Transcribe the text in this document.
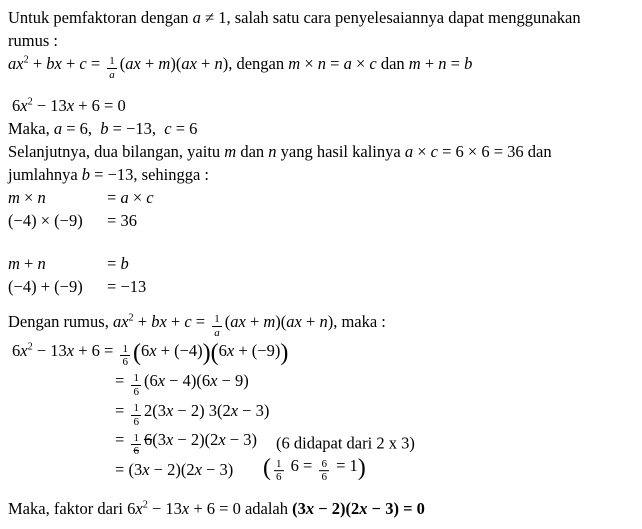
Untuk pemfaktoran dengan a ≠ 1, salah satu cara penyelesaiannya dapat menggunakan
rumus :
$ax^2$ + bx + $c = \frac{1}{a} (ax + m)(ax + n)$, dengan m × n = a × c dan m + n = b
$6x^2 - 13x + 6 = 0$
Maka, a = 6, b = −13, c = 6
Selanjutnya, dua bilangan, yaitu m dan n yang hasil kalinya a × c = 6 × 6 = 36 dan
jumlahnya b = −13, sehingga :
m × n	= a × c
(−4) × (−9) = 36
m + n	= b
(−4) + (−9) = −13
Dengan rumus, $ax^2$ + bx + $c = \frac{1}{a} (ax + m)(ax + n)$, maka :
$6x^2 - 13x + 6 = \frac{1}{6} (6x + (-4))(6x + (-9))$
= $\frac{1}{6} (6x - 4)(6x - 9)$
= $\frac{1}{6} 2(3x - 2) 3(2x - 3)$
= $\frac{1}{6} 6(3x - 2)(2x - 3)$ (6 didapat dari 2 x 3)
= (3x − 2)(2x − 3) ( $\frac{1}{6} 6 = \frac{6}{6} = 1$)
Maka, faktor dari $6x^2 - 13x + 6 = 0$ adalah (3x − 2)(2x − 3) = 0
